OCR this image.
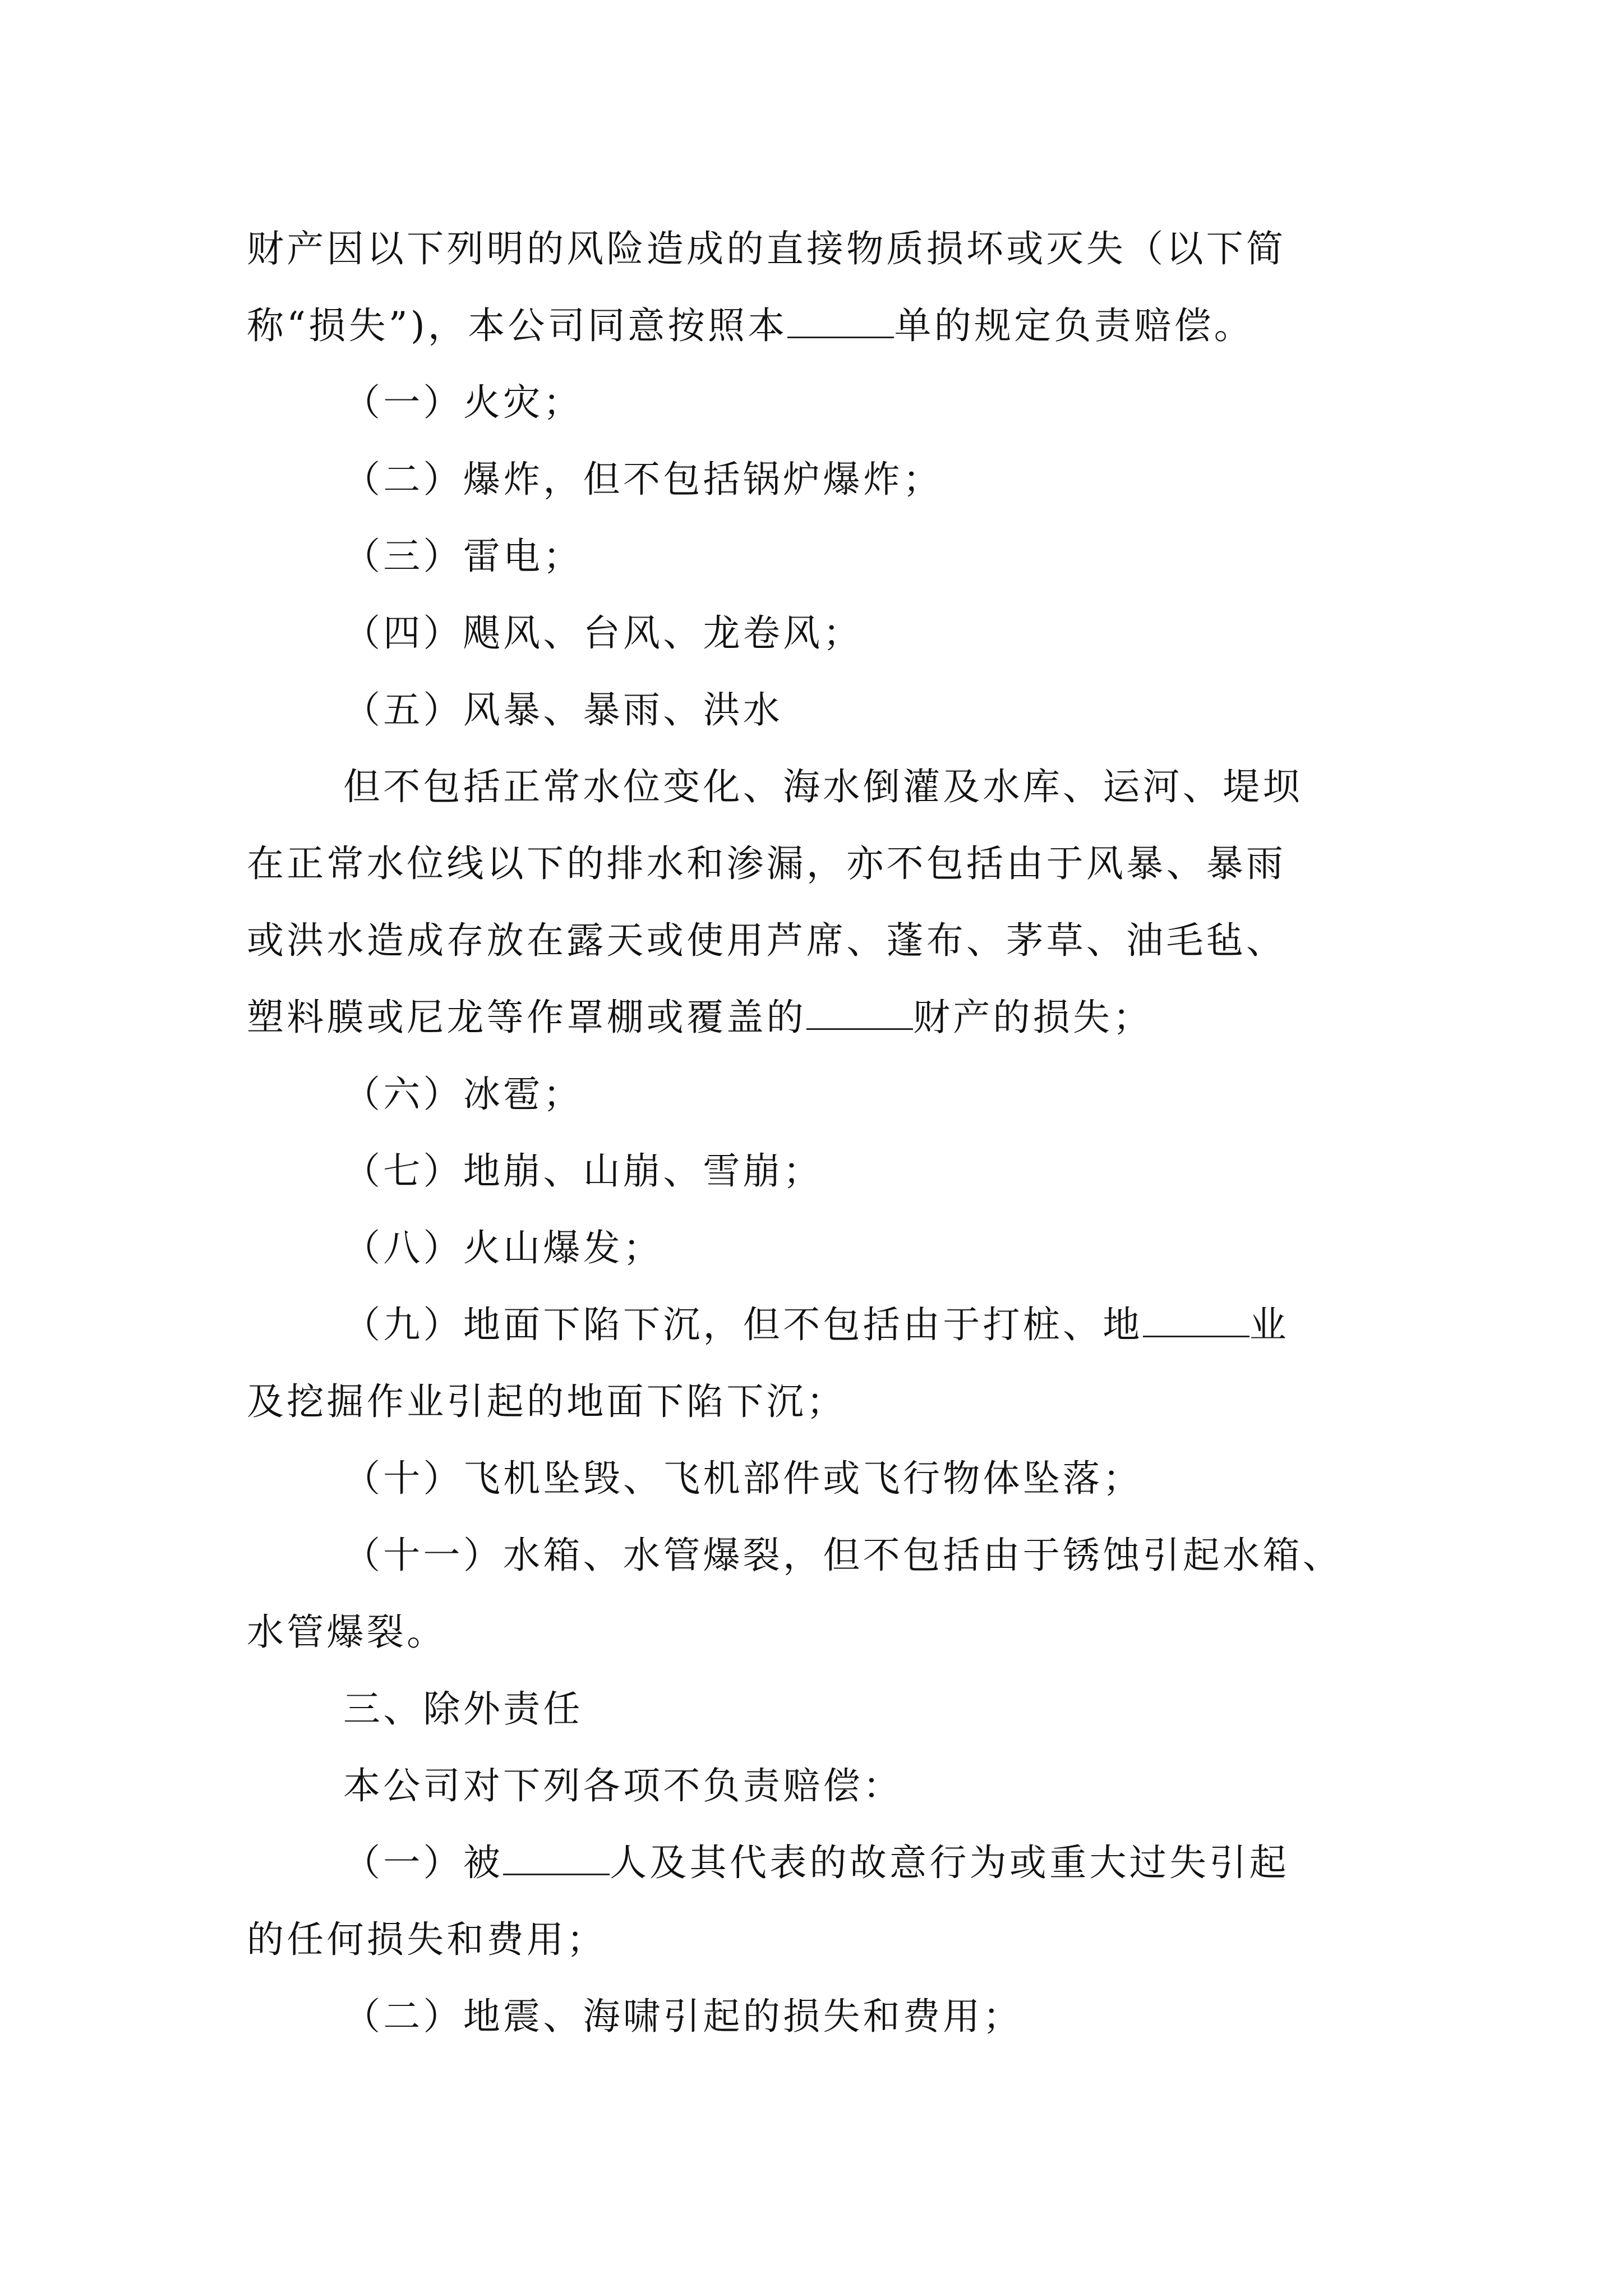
财产因以下列明的风险造成的直接物质损坏或灭失（以下简
称“损失”)，本公司同意按照本	单的规定负责赔偿。
（一）火灾；
（二）爆炸，但不包括锅炉爆炸；
（三）雷电；
（四）飓风、台风、龙卷风；
（五）风暴、暴雨、洪水
但不包括正常水位变化、海水倒灌及水库、运河、堤坝
在正常水位线以下的排水和渗漏，亦不包括由于风暴、暴雨
或洪水造成存放在露天或使用芦席、蓬布、茅草、油毛毡、
塑料膜或尼龙等作罩棚或覆盖的	财产的损失；
（六）冰雹；
（七）地崩、山崩、雪崩；
（八）火山爆发；
（九）地面下陷下沉，但不包括由于打桩、地	业
及挖掘作业引起的地面下陷下沉；
（十）飞机坠毁、飞机部件或飞行物体坠落；
（十一）水箱、水管爆裂，但不包括由于锈蚀引起水箱、
水管爆裂。
三、除外责任
本公司对下列各项不负责赔偿：
（一）被	人及其代表的故意行为或重大过失引起
的任何损失和费用；
（二）地震、海啸引起的损失和费用；
